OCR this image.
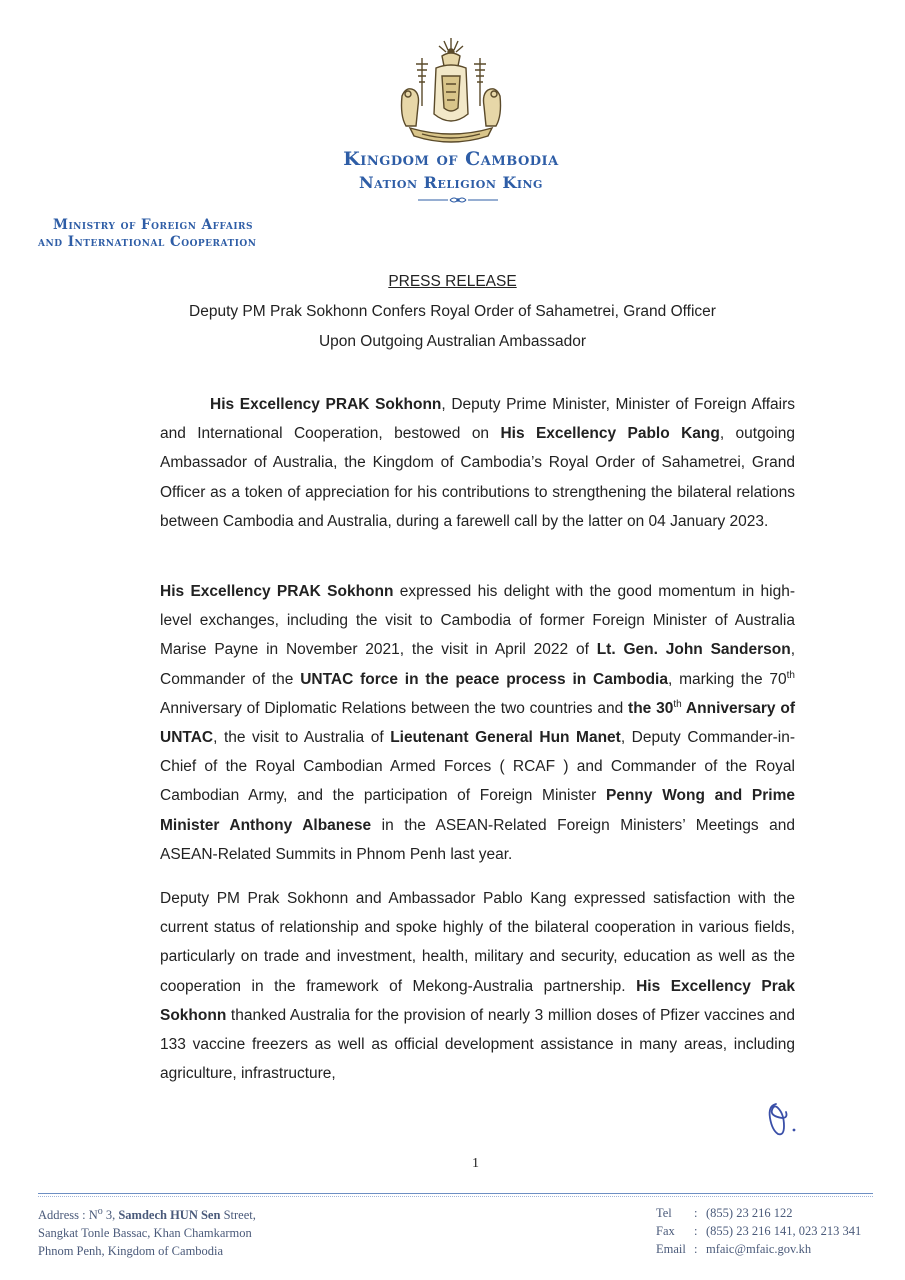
Kingdom of Cambodia
Nation Religion King
Ministry of Foreign Affairs
and International Cooperation
PRESS RELEASE
Deputy PM Prak Sokhonn Confers Royal Order of Sahametrei, Grand Officer
Upon Outgoing Australian Ambassador

His Excellency PRAK Sokhonn, Deputy Prime Minister, Minister of Foreign Affairs and International Cooperation, bestowed on His Excellency Pablo Kang, outgoing Ambassador of Australia, the Kingdom of Cambodia’s Royal Order of Sahametrei, Grand Officer as a token of appreciation for his contributions to strengthening the bilateral relations between Cambodia and Australia, during a farewell call by the latter on 04 January 2023.

His Excellency PRAK Sokhonn expressed his delight with the good momentum in high-level exchanges, including the visit to Cambodia of former Foreign Minister of Australia Marise Payne in November 2021, the visit in April 2022 of Lt. Gen. John Sanderson, Commander of the UNTAC force in the peace process in Cambodia, marking the 70th Anniversary of Diplomatic Relations between the two countries and the 30th Anniversary of UNTAC, the visit to Australia of Lieutenant General Hun Manet, Deputy Commander-in-Chief of the Royal Cambodian Armed Forces ( RCAF ) and Commander of the Royal Cambodian Army, and the participation of Foreign Minister Penny Wong and Prime Minister Anthony Albanese in the ASEAN-Related Foreign Ministers’ Meetings and ASEAN-Related Summits in Phnom Penh last year.

Deputy PM Prak Sokhonn and Ambassador Pablo Kang expressed satisfaction with the current status of relationship and spoke highly of the bilateral cooperation in various fields, particularly on trade and investment, health, military and security, education as well as the cooperation in the framework of Mekong-Australia partnership. His Excellency Prak Sokhonn thanked Australia for the provision of nearly 3 million doses of Pfizer vaccines and 133 vaccine freezers as well as official development assistance in many areas, including agriculture, infrastructure,

1
Address : $N^o$ 3, Samdech HUN Sen Street,
Sangkat Tonle Bassac, Khan Chamkarmon
Phnom Penh, Kingdom of Cambodia
Tel : (855) 23 216 122
Fax : (855) 23 216 141, 023 213 341
Email : mfaic@mfaic.gov.kh
